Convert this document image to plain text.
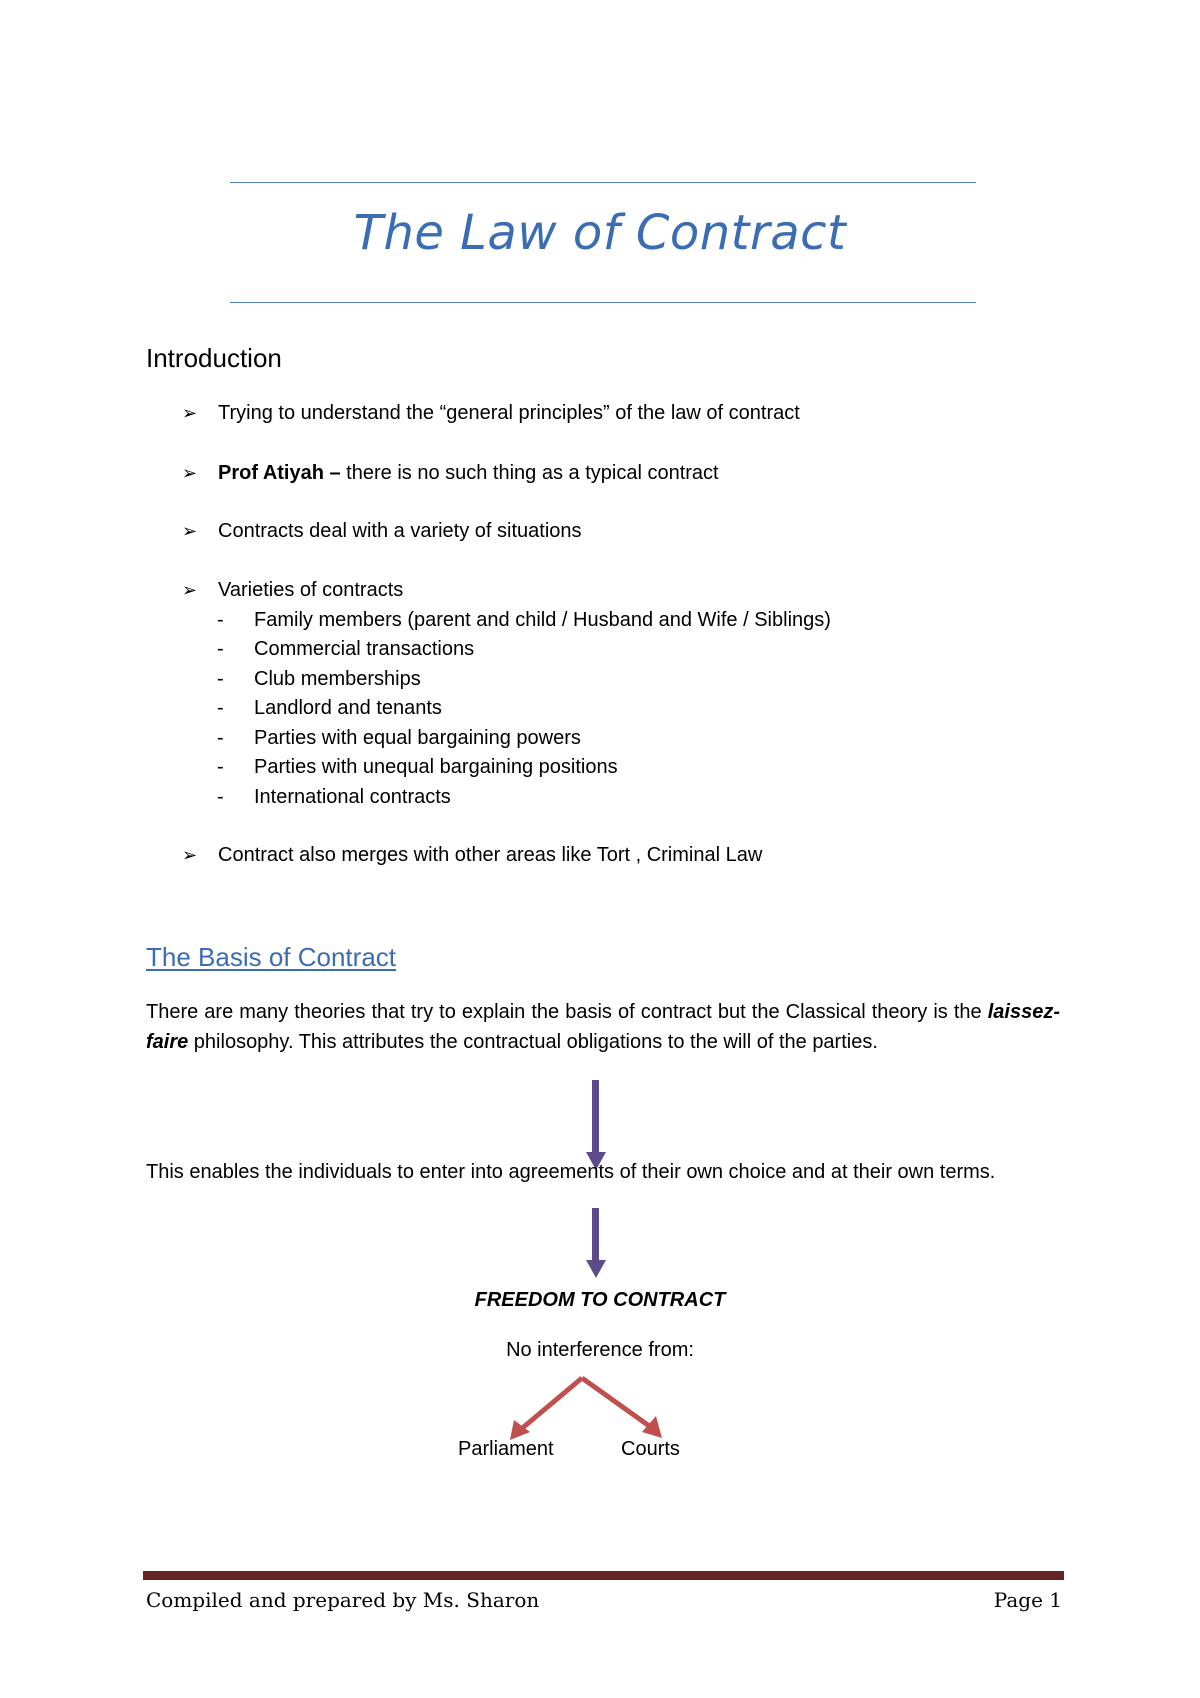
The Law of Contract
Introduction
➢ Trying to understand the “general principles” of the law of contract
➢ Prof Atiyah – there is no such thing as a typical contract
➢ Contracts deal with a variety of situations
➢ Varieties of contracts
- Family members (parent and child / Husband and Wife / Siblings)
- Commercial transactions
- Club memberships
- Landlord and tenants
- Parties with equal bargaining powers
- Parties with unequal bargaining positions
- International contracts
➢ Contract also merges with other areas like Tort , Criminal Law
The Basis of Contract
There are many theories that try to explain the basis of contract but the Classical theory is the laissez-faire philosophy. This attributes the contractual obligations to the will of the parties.
This enables the individuals to enter into agreements of their own choice and at their own terms.
FREEDOM TO CONTRACT
No interference from:
Parliament	Courts
Compiled and prepared by Ms. Sharon	Page 1
